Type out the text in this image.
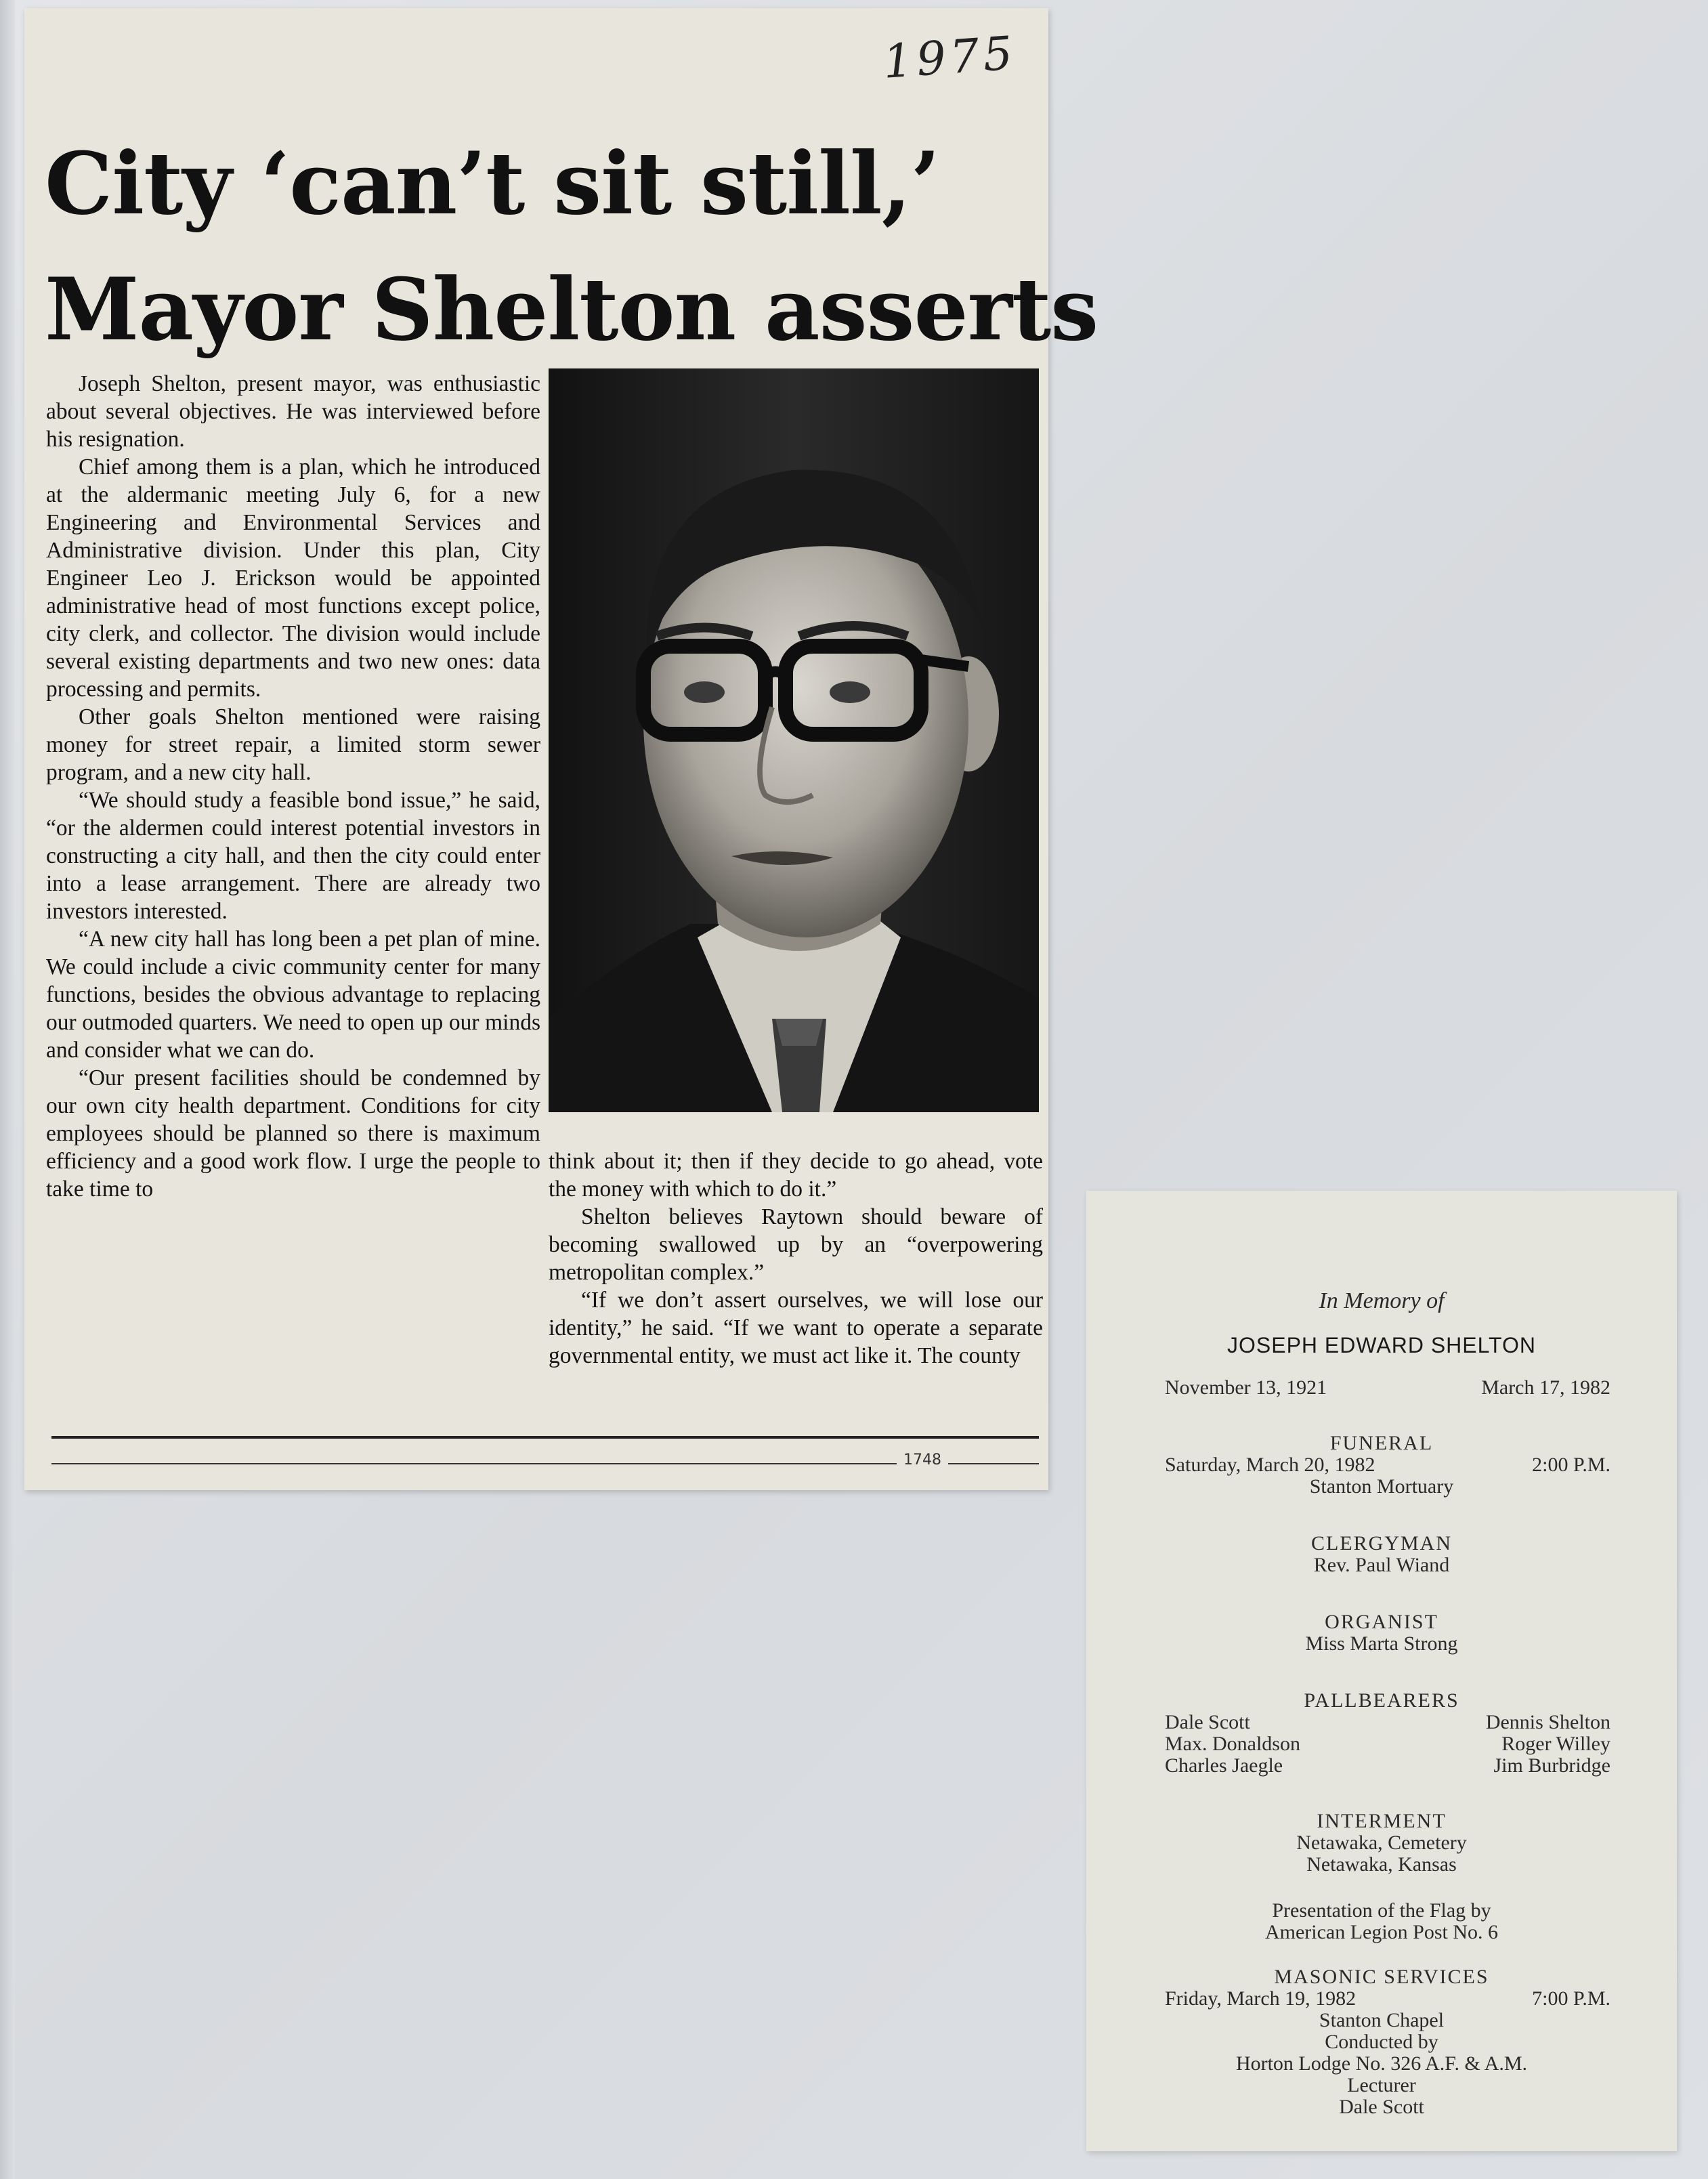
1975
City ‘can’t sit still,’
Mayor Shelton asserts

Joseph Shelton, present mayor, was enthusiastic about several objectives. He was interviewed before his resignation.

Chief among them is a plan, which he introduced at the aldermanic meeting July 6, for a new Engineering and Environmental Services and Administrative division. Under this plan, City Engineer Leo J. Erickson would be appointed administrative head of most functions except police, city clerk, and collector. The division would include several existing departments and two new ones: data processing and permits.

Other goals Shelton mentioned were raising money for street repair, a limited storm sewer program, and a new city hall.

“We should study a feasible bond issue,” he said, “or the aldermen could interest potential investors in constructing a city hall, and then the city could enter into a lease arrangement. There are already two investors interested.

“A new city hall has long been a pet plan of mine. We could include a civic community center for many functions, besides the obvious advantage to replacing our outmoded quarters. We need to open up our minds and consider what we can do.

“Our present facilities should be condemned by our own city health department. Conditions for city employees should be planned so there is maximum efficiency and a good work flow. I urge the people to take time to

think about it; then if they decide to go ahead, vote the money with which to do it.”

Shelton believes Raytown should beware of becoming swallowed up by an “overpowering metropolitan complex.”

“If we don’t assert ourselves, we will lose our identity,” he said. “If we want to operate a separate governmental entity, we must act like it. The county

1748
In Memory of
JOSEPH EDWARD SHELTON
November 13, 1921	March 17, 1982
FUNERAL
Saturday, March 20, 1982	2:00 P.M.
Stanton Mortuary
CLERGYMAN
Rev. Paul Wiand
ORGANIST
Miss Marta Strong
PALLBEARERS
Dale Scott	Dennis Shelton
Max. Donaldson	Roger Willey
Charles Jaegle	Jim Burbridge
INTERMENT
Netawaka, Cemetery
Netawaka, Kansas
Presentation of the Flag by
American Legion Post No. 6
MASONIC SERVICES
Friday, March 19, 1982	7:00 P.M.
Stanton Chapel
Conducted by
Horton Lodge No. 326 A.F. & A.M.
Lecturer
Dale Scott
